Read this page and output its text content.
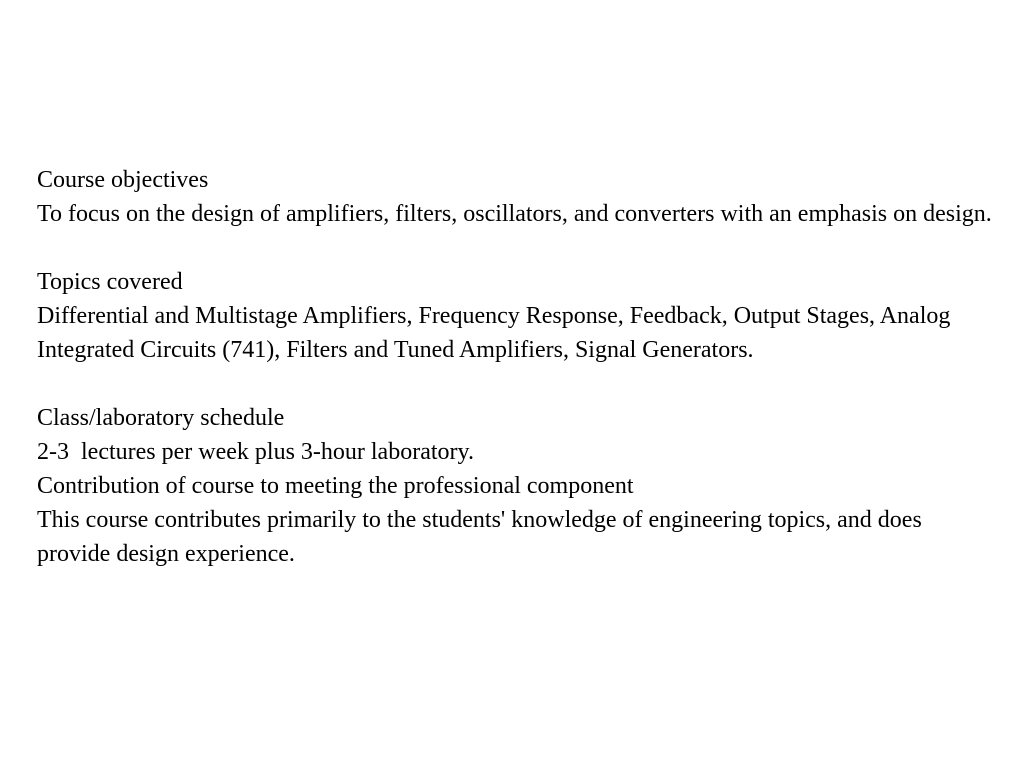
Course objectives

To focus on the design of amplifiers, filters, oscillators, and converters with an emphasis on design.

Topics covered

Differential and Multistage Amplifiers, Frequency Response, Feedback, Output Stages, Analog Integrated Circuits (741), Filters and Tuned Amplifiers, Signal Generators.

Class/laboratory schedule

2-3  lectures per week plus 3-hour laboratory.

Contribution of course to meeting the professional component

This course contributes primarily to the students' knowledge of engineering topics, and does provide design experience.
